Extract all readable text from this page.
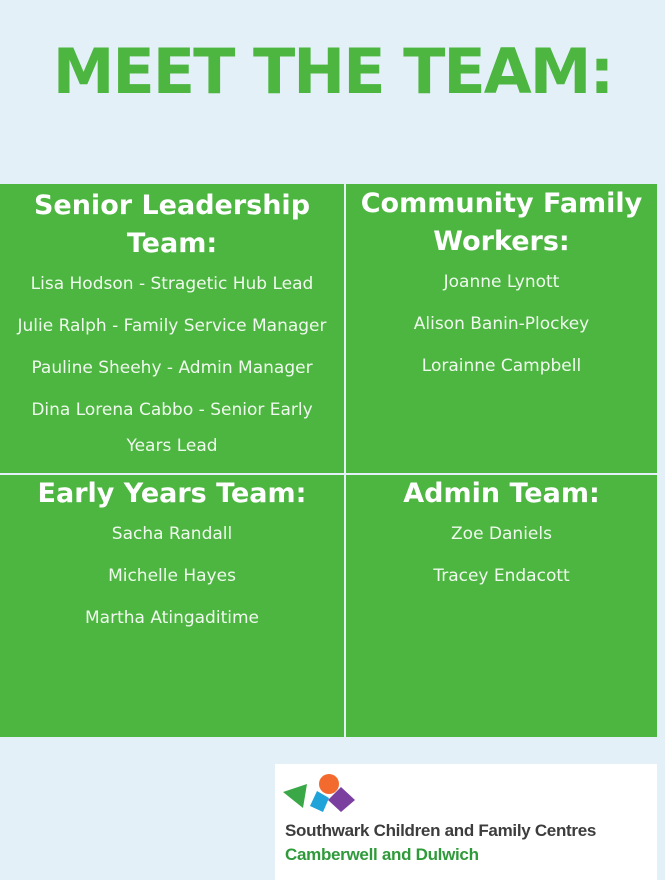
MEET THE TEAM:
Senior Leadership
Team:
Lisa Hodson - Stragetic Hub Lead
Julie Ralph - Family Service Manager
Pauline Sheehy - Admin Manager
Dina Lorena Cabbo - Senior Early
Years Lead
Community Family
Workers:
Joanne Lynott
Alison Banin-Plockey
Lorainne Campbell
Early Years Team:
Sacha Randall
Michelle Hayes
Martha Atingaditime
Admin Team:
Zoe Daniels
Tracey Endacott
Southwark Children and Family Centres
Camberwell and Dulwich
